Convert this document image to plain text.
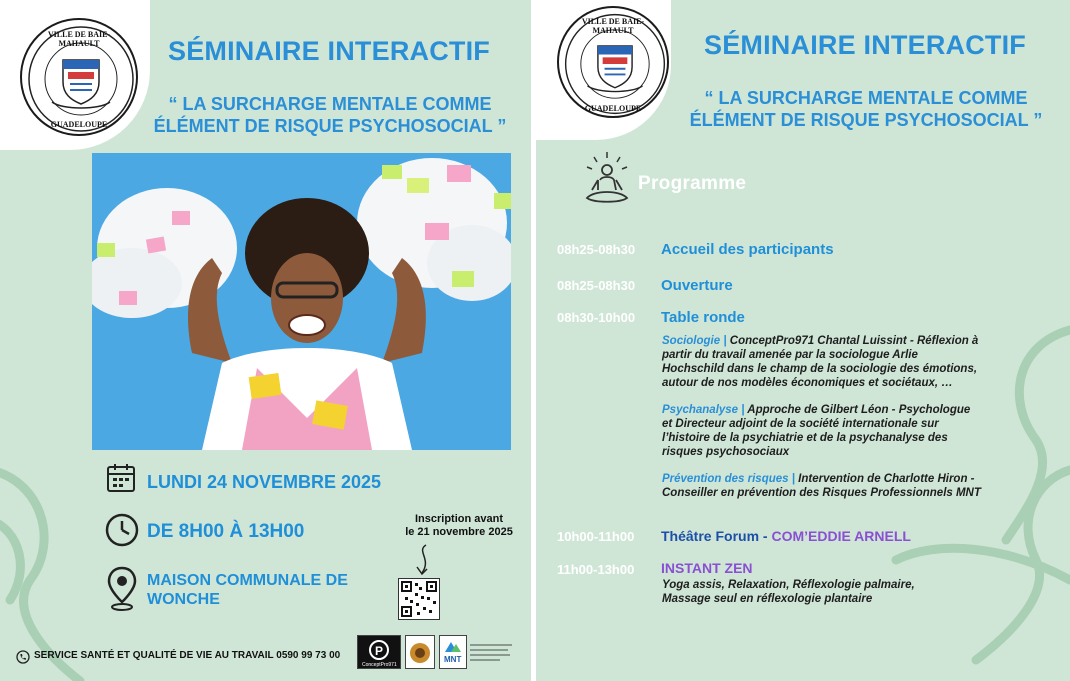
VILLE DE BAIE-MAHAULT
GUADELOUPE
SÉMINAIRE INTERACTIF
“ LA SURCHARGE MENTALE COMME
ÉLÉMENT DE RISQUE PSYCHOSOCIAL ”
LUNDI 24 NOVEMBRE 2025
DE 8H00 À 13H00
MAISON COMMUNALE DE
WONCHE
Inscription avant
le 21 novembre 2025
SERVICE SANTÉ ET QUALITÉ DE VIE AU TRAVAIL 0590 99 73 00	P
ConceptPro971
MNT
VILLE DE BAIE-MAHAULT
GUADELOUPE
SÉMINAIRE INTERACTIF
“ LA SURCHARGE MENTALE COMME
ÉLÉMENT DE RISQUE PSYCHOSOCIAL ”
Programme
08h25-08h30 Accueil des participants
08h25-08h30 Ouverture
08h30-10h00 Table ronde
Sociologie | ConceptPro971 Chantal Luissint - Réflexion à
partir du travail amenée par la sociologue Arlie
Hochschild dans le champ de la sociologie des émotions,
autour de nos modèles économiques et sociétaux, …
Psychanalyse | Approche de Gilbert Léon - Psychologue
et Directeur adjoint de la société internationale sur
l’histoire de la psychiatrie et de la psychanalyse des
risques psychosociaux
Prévention des risques | Intervention de Charlotte Hiron -
Conseiller en prévention des Risques Professionnels MNT
10h00-11h00 Théâtre Forum - COM’EDDIE ARNELL
11h00-13h00 INSTANT ZEN
Yoga assis, Relaxation, Réflexologie palmaire,
Massage seul en réflexologie plantaire
